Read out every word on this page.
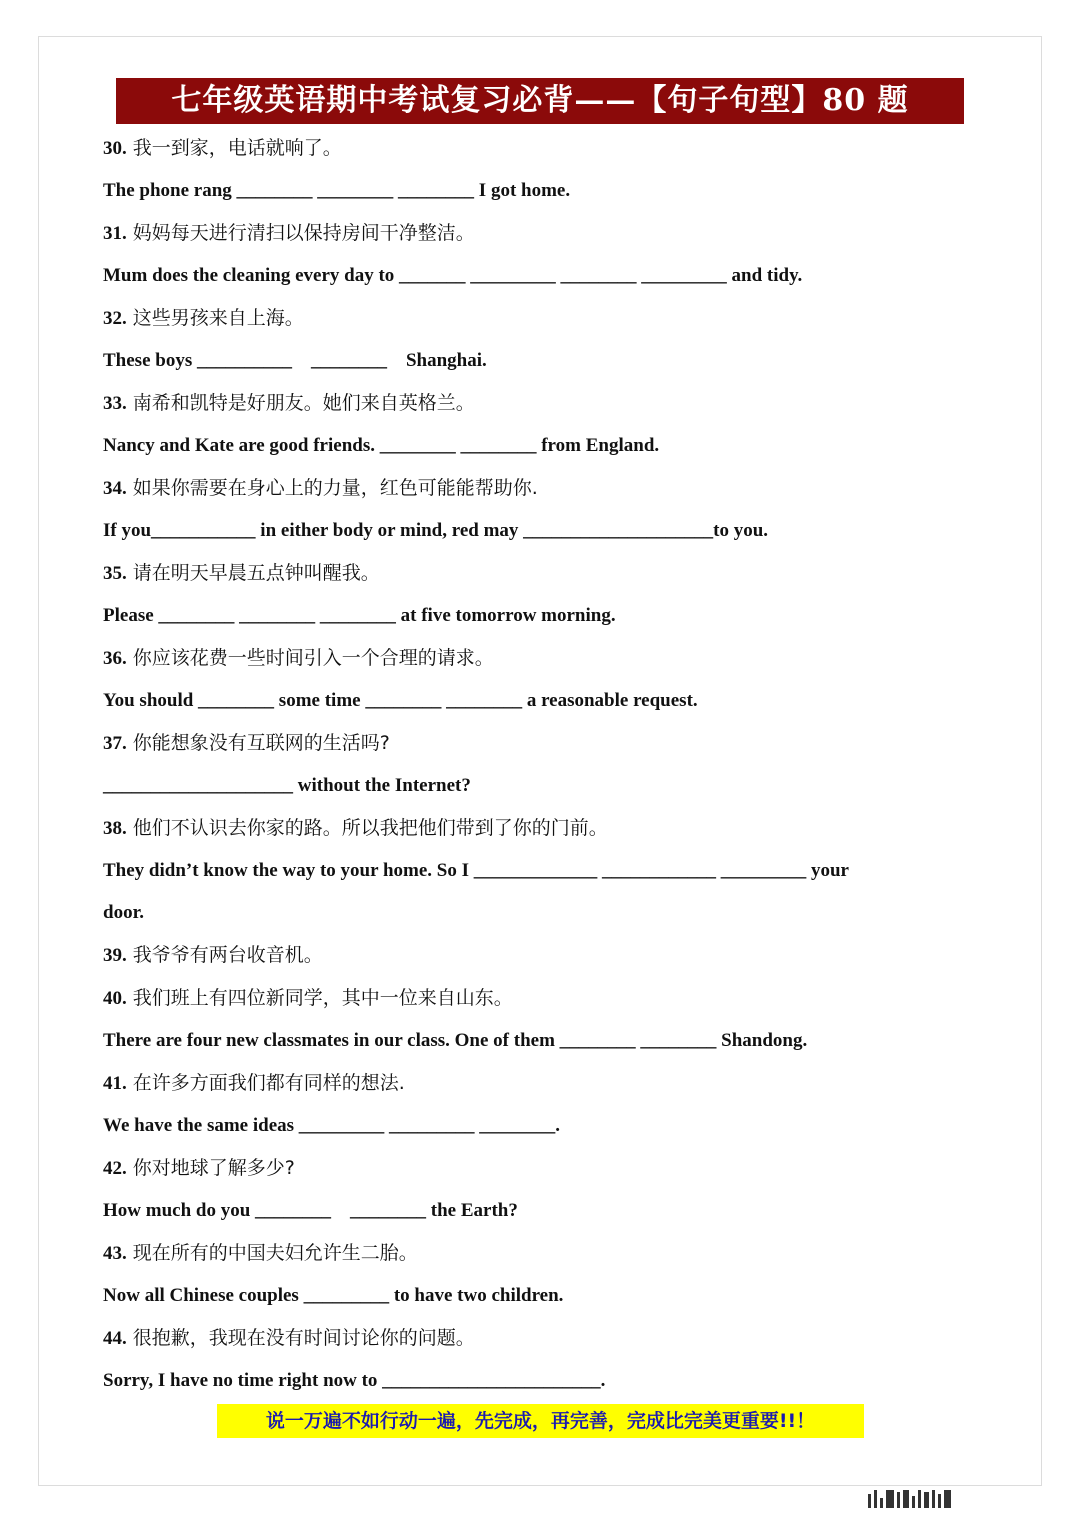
七年级英语期中考试复习必背——【句子句型】80 题
30. 我一到家，电话就响了。
The phone rang ________ ________ ________ I got home.
31. 妈妈每天进行清扫以保持房间干净整洁。
Mum does the cleaning every day to _______ _________ ________ _________ and tidy.
32. 这些男孩来自上海。
These boys __________    ________    Shanghai.
33. 南希和凯特是好朋友。她们来自英格兰。
Nancy and Kate are good friends. ________ ________ from England.
34. 如果你需要在身心上的力量，红色可能能帮助你.
If you___________ in either body or mind, red may ____________________to you.
35. 请在明天早晨五点钟叫醒我。
Please ________ ________ ________ at five tomorrow morning.
36. 你应该花费一些时间引入一个合理的请求。
You should ________ some time ________ ________ a reasonable request.
37. 你能想象没有互联网的生活吗?
____________________ without the Internet?
38. 他们不认识去你家的路。所以我把他们带到了你的门前。
They didn’t know the way to your home. So I _____________ ____________ _________ your
door.
39. 我爷爷有两台收音机。
40. 我们班上有四位新同学，其中一位来自山东。
There are four new classmates in our class. One of them ________ ________ Shandong.
41. 在许多方面我们都有同样的想法.
We have the same ideas _________ _________ ________.
42. 你对地球了解多少?
How much do you ________    ________ the Earth?
43. 现在所有的中国夫妇允许生二胎。
Now all Chinese couples _________ to have two children.
44. 很抱歉，我现在没有时间讨论你的问题。
Sorry, I have no time right now to _______________________.
说一万遍不如行动一遍，先完成，再完善，完成比完美更重要!!！
